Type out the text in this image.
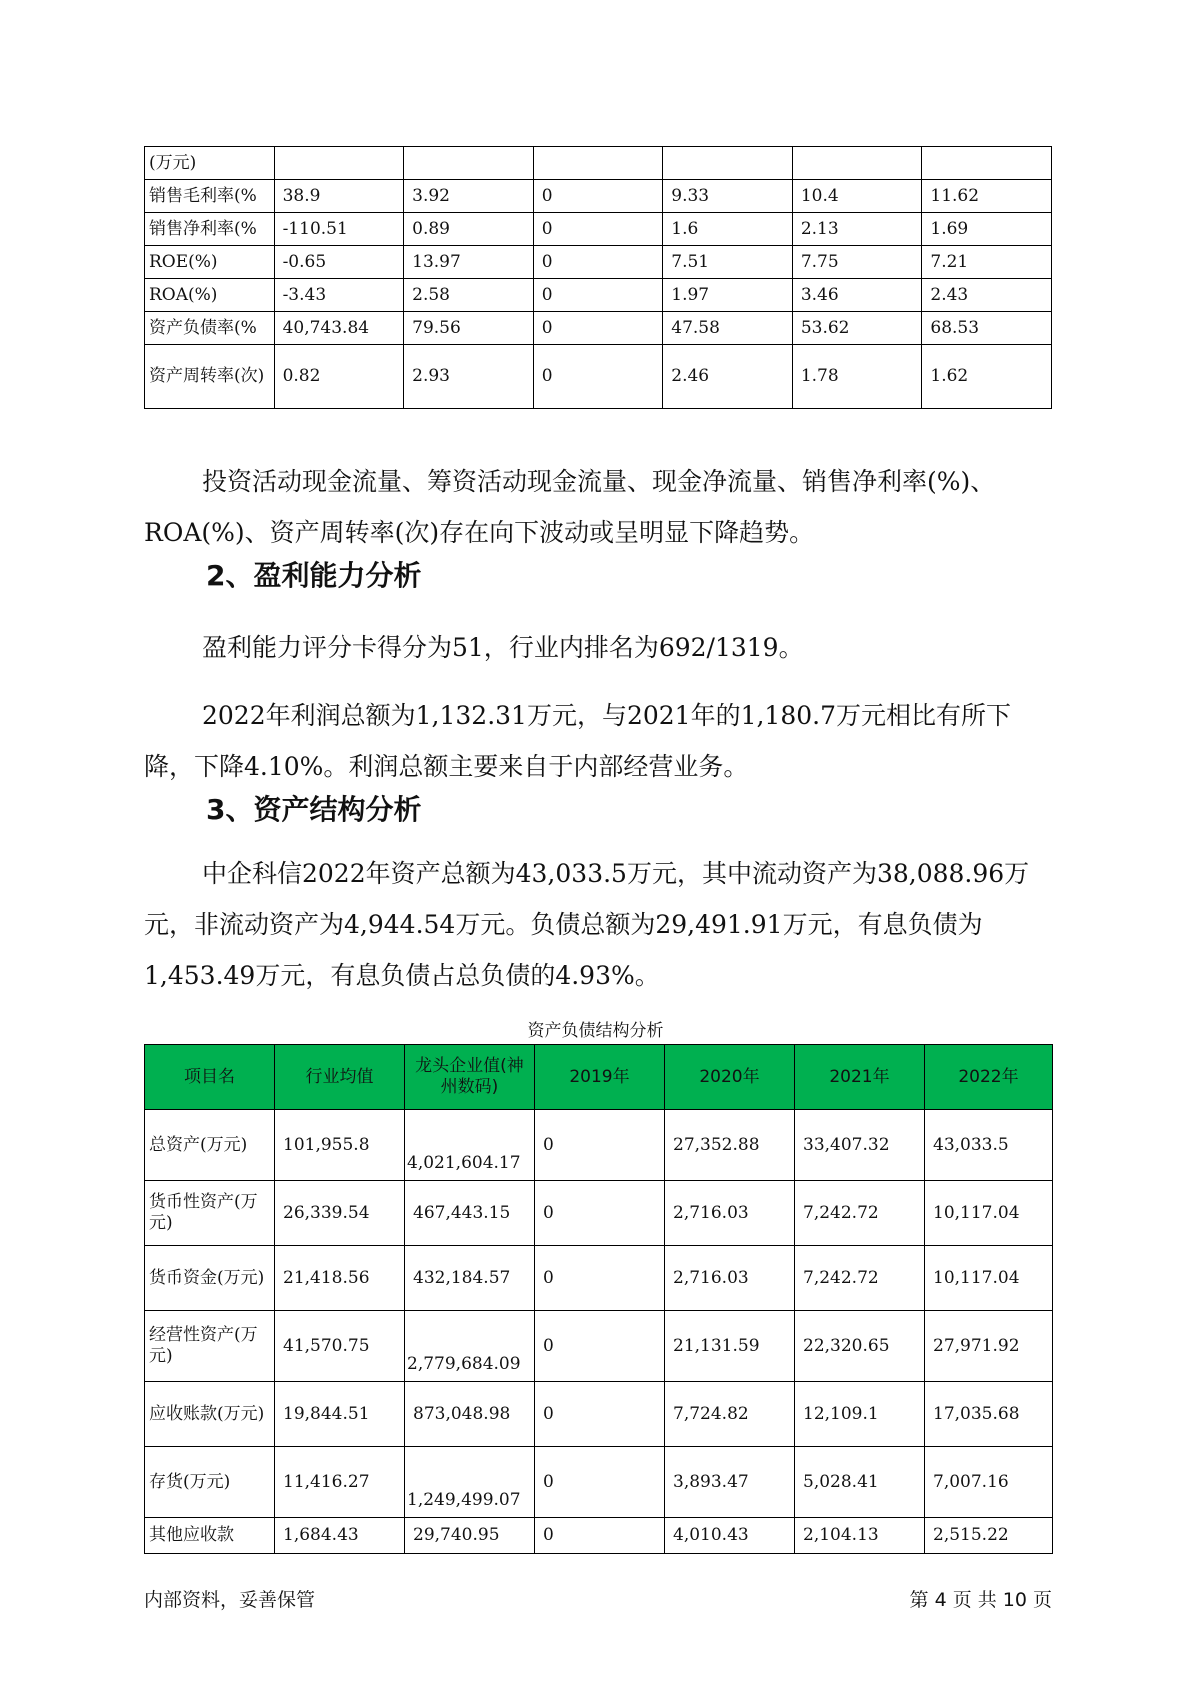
(万元)						
销售毛利率(%	38.9	3.92	0	9.33	10.4	11.62
销售净利率(%	-110.51	0.89	0	1.6	2.13	1.69
ROE(%)	-0.65	13.97	0	7.51	7.75	7.21
ROA(%)	-3.43	2.58	0	1.97	3.46	2.43
资产负债率(%	40,743.84	79.56	0	47.58	53.62	68.53
资产周转率(次)	0.82	2.93	0	2.46	1.78	1.62

投资活动现金流量、筹资活动现金流量、现金净流量、销售净利率(%)、ROA(%)、资产周转率(次)存在向下波动或呈明显下降趋势。

2、盈利能力分析

盈利能力评分卡得分为51，行业内排名为692/1319。

2022年利润总额为1,132.31万元，与2021年的1,180.7万元相比有所下降，下降4.10%。利润总额主要来自于内部经营业务。

3、资产结构分析

中企科信2022年资产总额为43,033.5万元，其中流动资产为38,088.96万元，非流动资产为4,944.54万元。负债总额为29,491.91万元，有息负债为1,453.49万元，有息负债占总负债的4.93%。

资产负债结构分析
项目名	行业均值	龙头企业值(神州数码)	2019年	2020年	2021年	2022年
总资产(万元)	101,955.8	4,021,604.17	0	27,352.88	33,407.32	43,033.5
货币性资产(万元)	26,339.54	467,443.15	0	2,716.03	7,242.72	10,117.04
货币资金(万元)	21,418.56	432,184.57	0	2,716.03	7,242.72	10,117.04
经营性资产(万元)	41,570.75	2,779,684.09	0	21,131.59	22,320.65	27,971.92
应收账款(万元)	19,844.51	873,048.98	0	7,724.82	12,109.1	17,035.68
存货(万元)	11,416.27	1,249,499.07	0	3,893.47	5,028.41	7,007.16
其他应收款	1,684.43	29,740.95	0	4,010.43	2,104.13	2,515.22
内部资料，妥善保管	第 4 页 共 10 页
